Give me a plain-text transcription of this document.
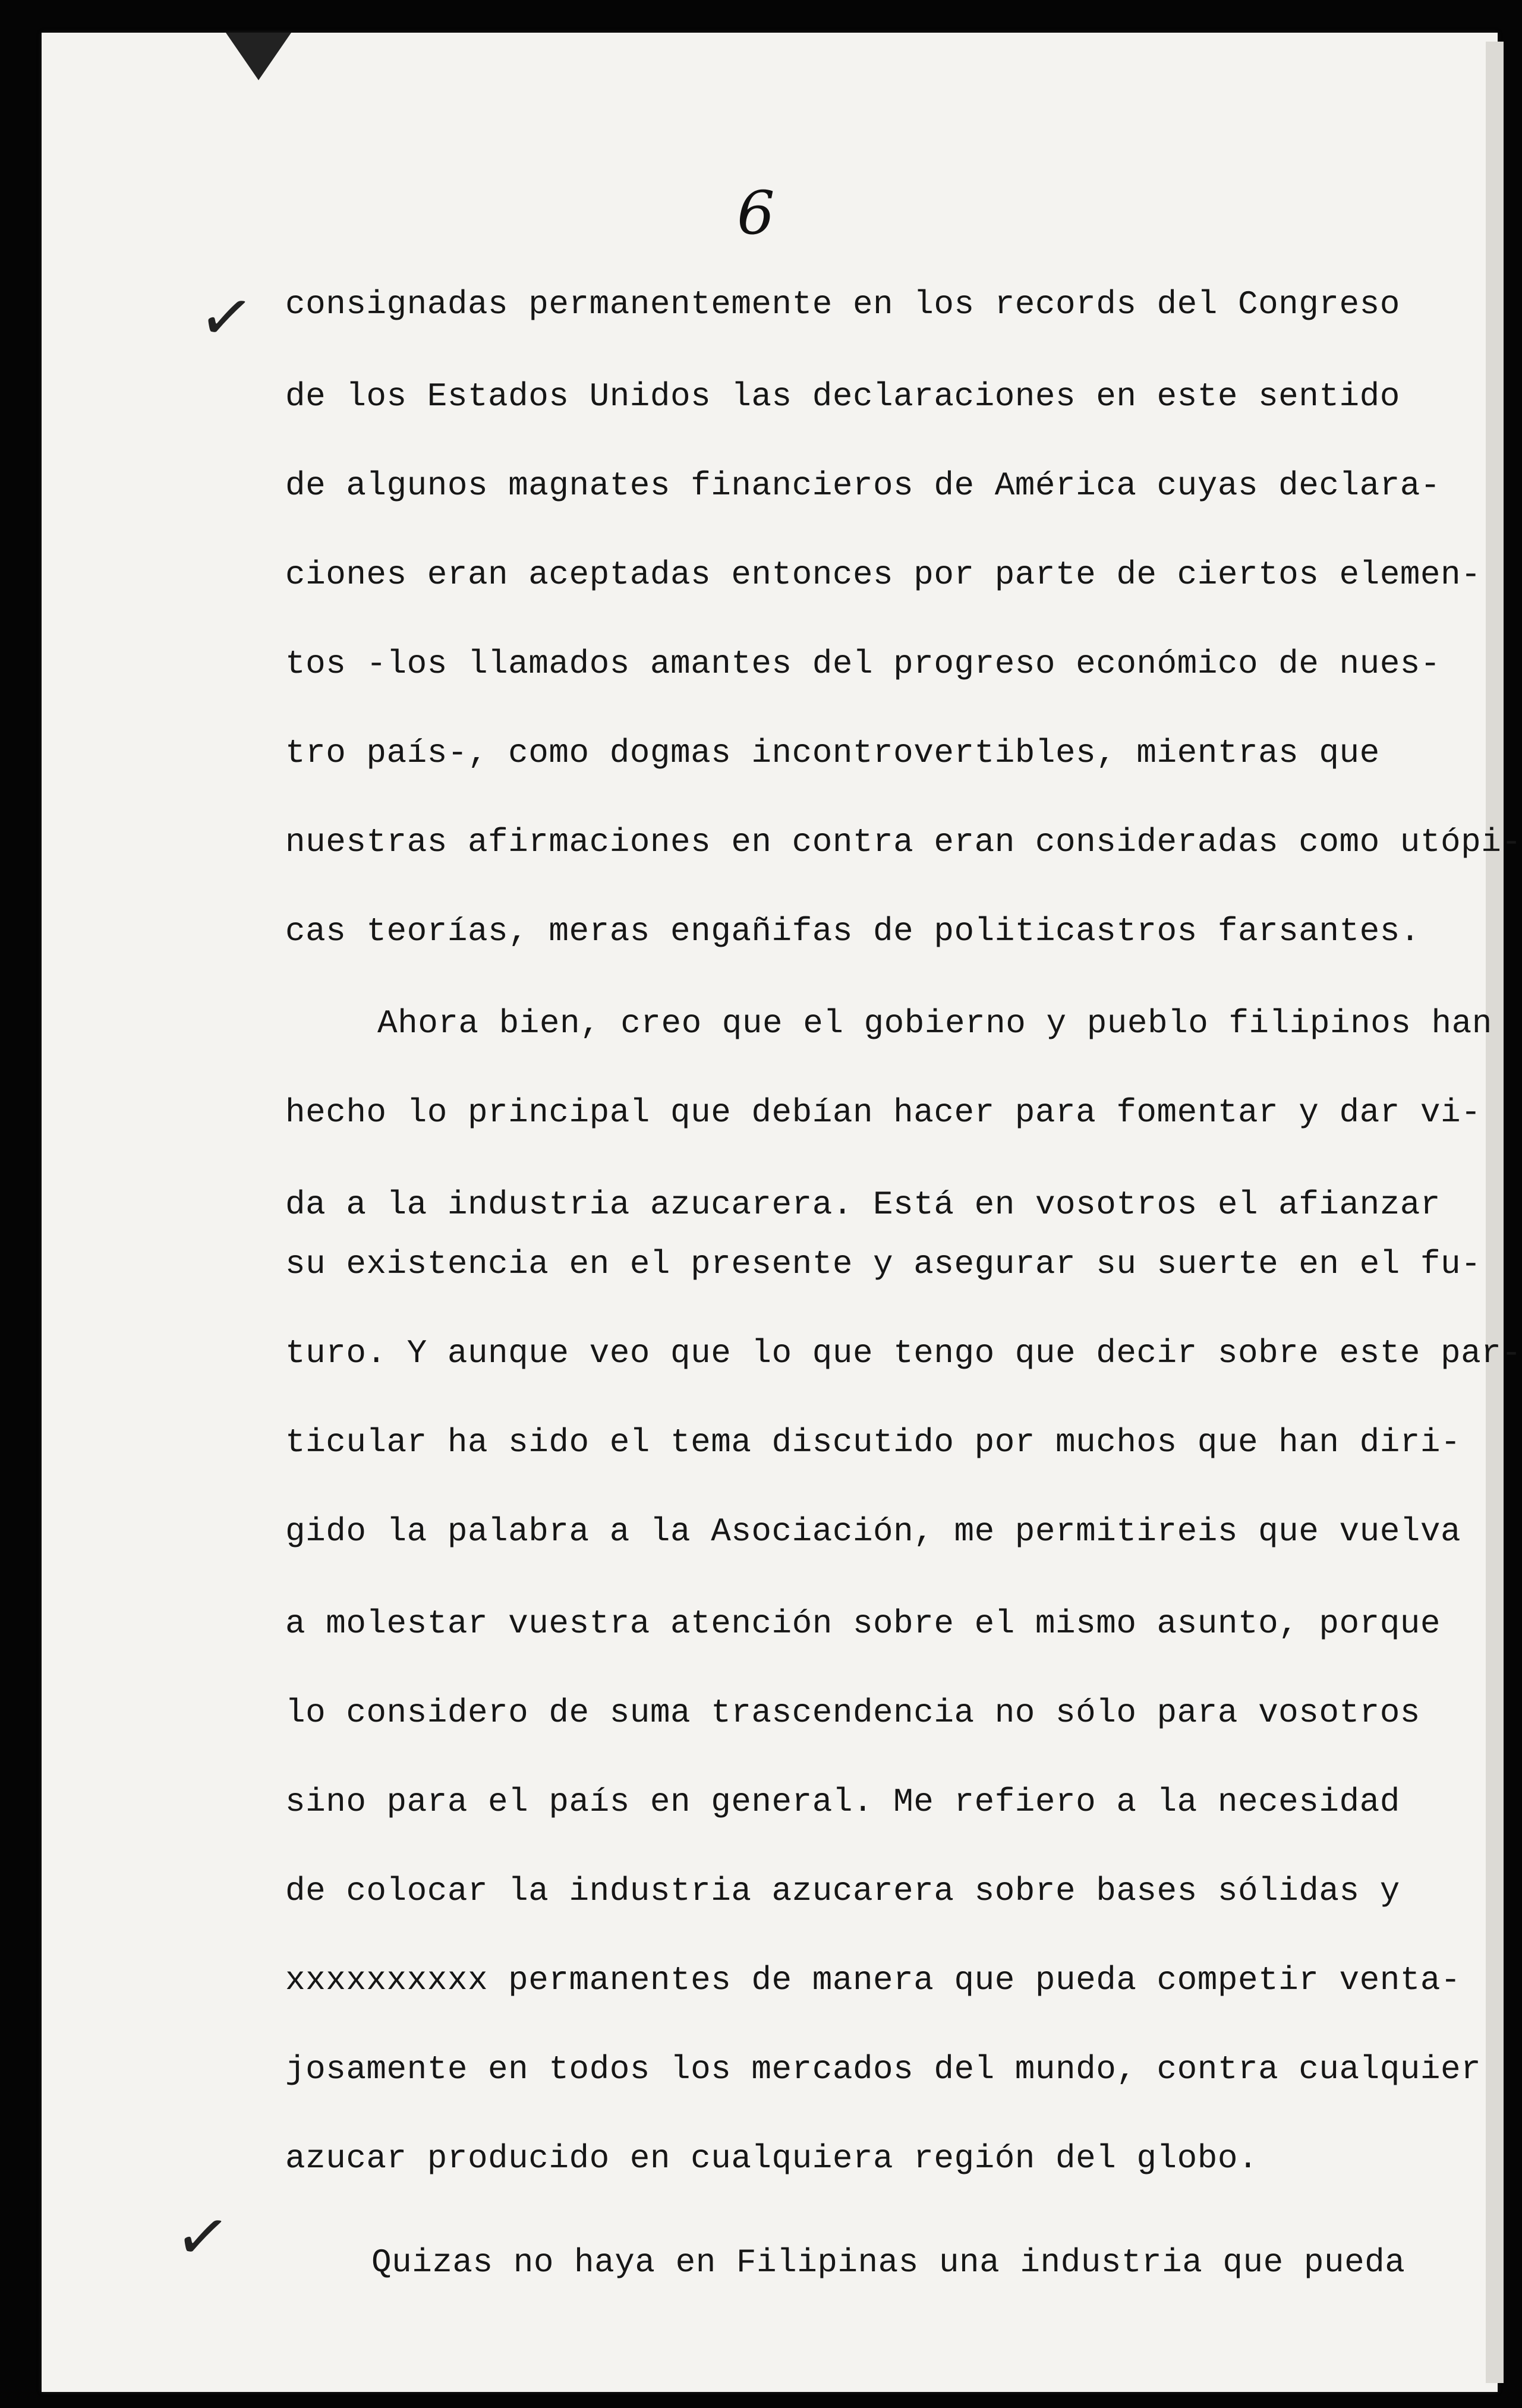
6
✓
✓
consignadas permanentemente en los records del Congreso
de los Estados Unidos las declaraciones en este sentido
de algunos magnates financieros de América cuyas declara-
ciones eran aceptadas entonces por parte de ciertos elemen-
tos -los llamados amantes del progreso económico de nues-
tro país-, como dogmas incontrovertibles, mientras que
nuestras afirmaciones en contra eran consideradas como utópi-
cas teorías, meras engañifas de politicastros farsantes.
Ahora bien, creo que el gobierno y pueblo filipinos han
hecho lo principal que debían hacer para fomentar y dar vi-
da a la industria azucarera. Está en vosotros el afianzar
su existencia en el presente y asegurar su suerte en el fu-
turo. Y aunque veo que lo que tengo que decir sobre este par-
ticular ha sido el tema discutido por muchos que han diri-
gido la palabra a la Asociación, me permitireis que vuelva
a molestar vuestra atención sobre el mismo asunto, porque
lo considero de suma trascendencia no sólo para vosotros
sino para el país en general. Me refiero a la necesidad
de colocar la industria azucarera sobre bases sólidas y
xxxxxxxxxx permanentes de manera que pueda competir venta-
josamente en todos los mercados del mundo, contra cualquier
azucar producido en cualquiera región del globo.
Quizas no haya en Filipinas una industria que pueda
